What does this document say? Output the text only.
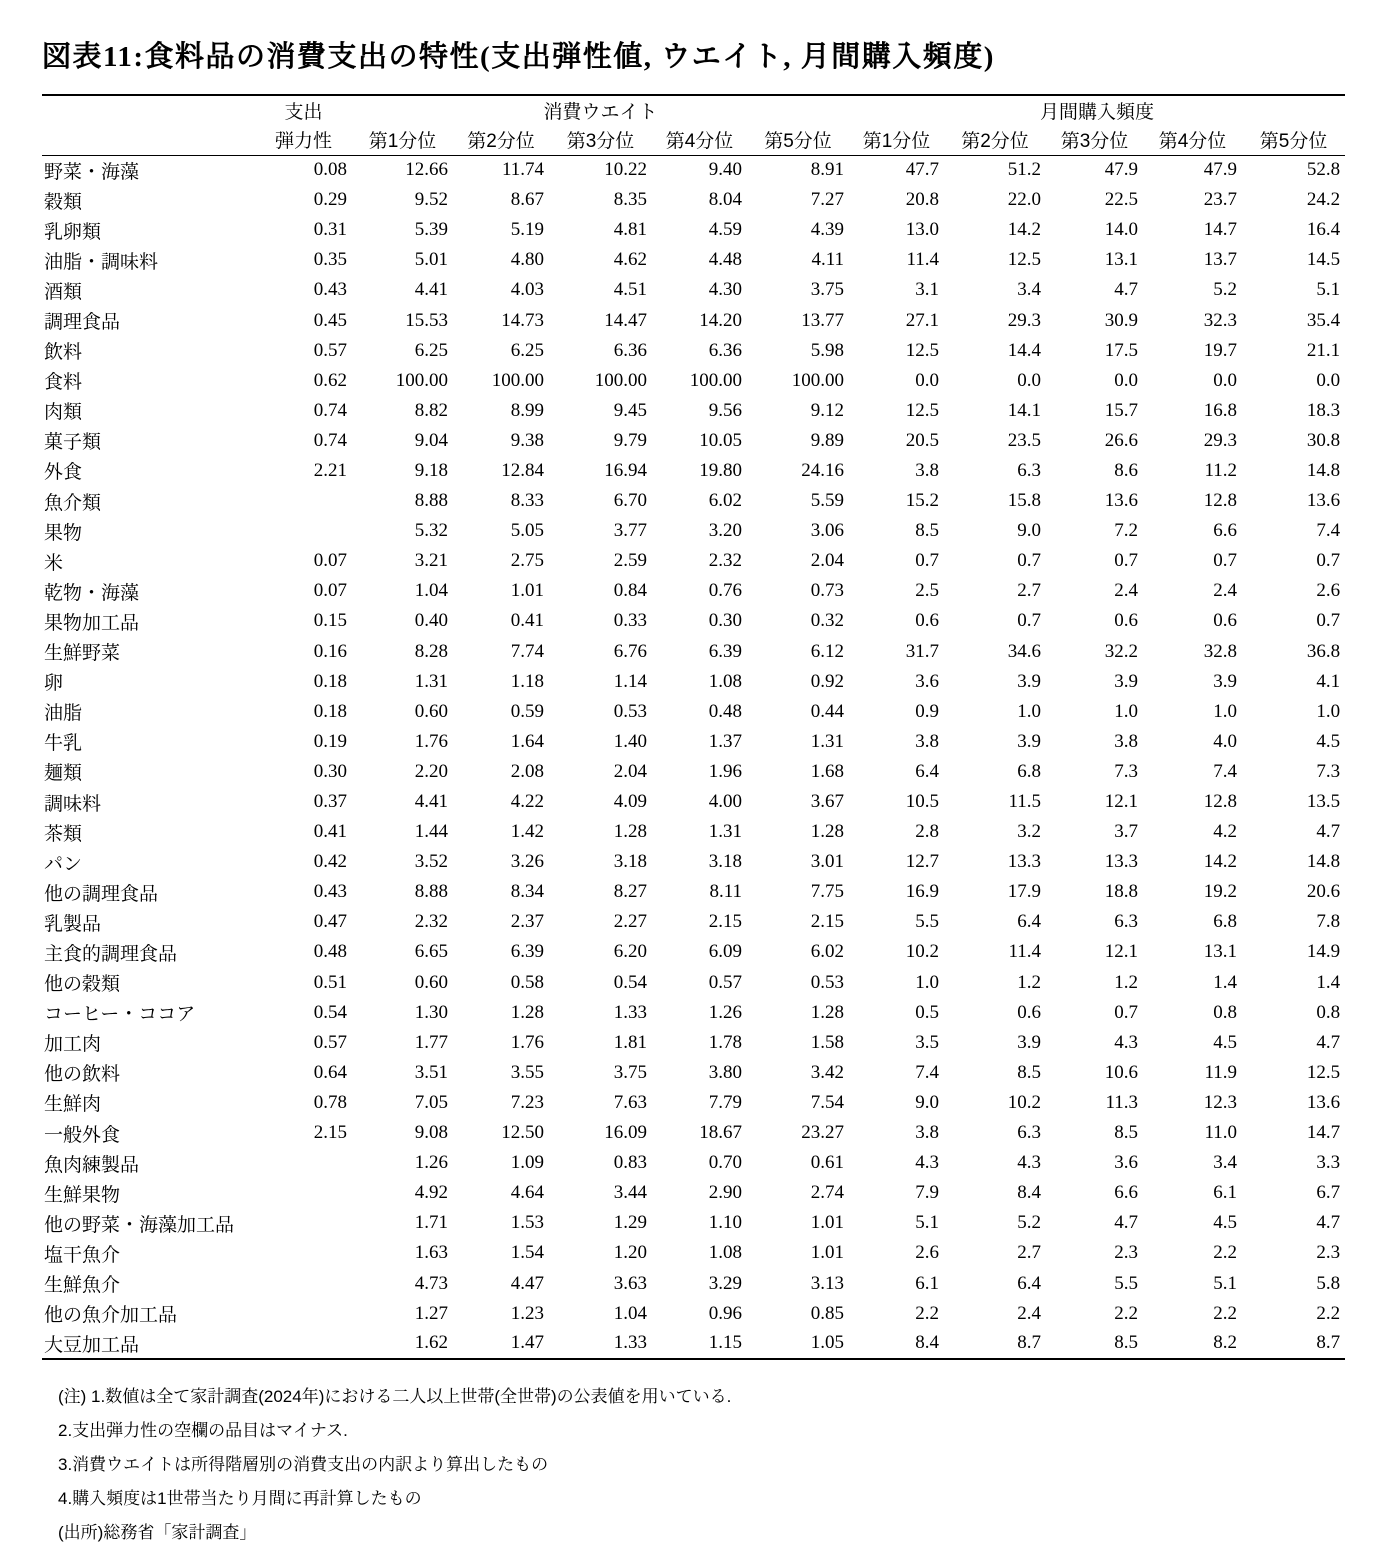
図表11:食料品の消費支出の特性(支出弾性値, ウエイト, 月間購入頻度)
	支出	消費ウエイト					月間購入頻度				
	弾力性	第1分位	第2分位	第3分位	第4分位	第5分位	第1分位	第2分位	第3分位	第4分位	第5分位
野菜・海藻	0.08	12.66	11.74	10.22	9.40	8.91	47.7	51.2	47.9	47.9	52.8
穀類	0.29	9.52	8.67	8.35	8.04	7.27	20.8	22.0	22.5	23.7	24.2
乳卵類	0.31	5.39	5.19	4.81	4.59	4.39	13.0	14.2	14.0	14.7	16.4
油脂・調味料	0.35	5.01	4.80	4.62	4.48	4.11	11.4	12.5	13.1	13.7	14.5
酒類	0.43	4.41	4.03	4.51	4.30	3.75	3.1	3.4	4.7	5.2	5.1
調理食品	0.45	15.53	14.73	14.47	14.20	13.77	27.1	29.3	30.9	32.3	35.4
飲料	0.57	6.25	6.25	6.36	6.36	5.98	12.5	14.4	17.5	19.7	21.1
食料	0.62	100.00	100.00	100.00	100.00	100.00	0.0	0.0	0.0	0.0	0.0
肉類	0.74	8.82	8.99	9.45	9.56	9.12	12.5	14.1	15.7	16.8	18.3
菓子類	0.74	9.04	9.38	9.79	10.05	9.89	20.5	23.5	26.6	29.3	30.8
外食	2.21	9.18	12.84	16.94	19.80	24.16	3.8	6.3	8.6	11.2	14.8
魚介類		8.88	8.33	6.70	6.02	5.59	15.2	15.8	13.6	12.8	13.6
果物		5.32	5.05	3.77	3.20	3.06	8.5	9.0	7.2	6.6	7.4
米	0.07	3.21	2.75	2.59	2.32	2.04	0.7	0.7	0.7	0.7	0.7
乾物・海藻	0.07	1.04	1.01	0.84	0.76	0.73	2.5	2.7	2.4	2.4	2.6
果物加工品	0.15	0.40	0.41	0.33	0.30	0.32	0.6	0.7	0.6	0.6	0.7
生鮮野菜	0.16	8.28	7.74	6.76	6.39	6.12	31.7	34.6	32.2	32.8	36.8
卵	0.18	1.31	1.18	1.14	1.08	0.92	3.6	3.9	3.9	3.9	4.1
油脂	0.18	0.60	0.59	0.53	0.48	0.44	0.9	1.0	1.0	1.0	1.0
牛乳	0.19	1.76	1.64	1.40	1.37	1.31	3.8	3.9	3.8	4.0	4.5
麺類	0.30	2.20	2.08	2.04	1.96	1.68	6.4	6.8	7.3	7.4	7.3
調味料	0.37	4.41	4.22	4.09	4.00	3.67	10.5	11.5	12.1	12.8	13.5
茶類	0.41	1.44	1.42	1.28	1.31	1.28	2.8	3.2	3.7	4.2	4.7
パン	0.42	3.52	3.26	3.18	3.18	3.01	12.7	13.3	13.3	14.2	14.8
他の調理食品	0.43	8.88	8.34	8.27	8.11	7.75	16.9	17.9	18.8	19.2	20.6
乳製品	0.47	2.32	2.37	2.27	2.15	2.15	5.5	6.4	6.3	6.8	7.8
主食的調理食品	0.48	6.65	6.39	6.20	6.09	6.02	10.2	11.4	12.1	13.1	14.9
他の穀類	0.51	0.60	0.58	0.54	0.57	0.53	1.0	1.2	1.2	1.4	1.4
コーヒー・ココア	0.54	1.30	1.28	1.33	1.26	1.28	0.5	0.6	0.7	0.8	0.8
加工肉	0.57	1.77	1.76	1.81	1.78	1.58	3.5	3.9	4.3	4.5	4.7
他の飲料	0.64	3.51	3.55	3.75	3.80	3.42	7.4	8.5	10.6	11.9	12.5
生鮮肉	0.78	7.05	7.23	7.63	7.79	7.54	9.0	10.2	11.3	12.3	13.6
一般外食	2.15	9.08	12.50	16.09	18.67	23.27	3.8	6.3	8.5	11.0	14.7
魚肉練製品		1.26	1.09	0.83	0.70	0.61	4.3	4.3	3.6	3.4	3.3
生鮮果物		4.92	4.64	3.44	2.90	2.74	7.9	8.4	6.6	6.1	6.7
他の野菜・海藻加工品		1.71	1.53	1.29	1.10	1.01	5.1	5.2	4.7	4.5	4.7
塩干魚介		1.63	1.54	1.20	1.08	1.01	2.6	2.7	2.3	2.2	2.3
生鮮魚介		4.73	4.47	3.63	3.29	3.13	6.1	6.4	5.5	5.1	5.8
他の魚介加工品		1.27	1.23	1.04	0.96	0.85	2.2	2.4	2.2	2.2	2.2
大豆加工品		1.62	1.47	1.33	1.15	1.05	8.4	8.7	8.5	8.2	8.7

(注) 1.数値は全て家計調査(2024年)における二人以上世帯(全世帯)の公表値を用いている.

2.支出弾力性の空欄の品目はマイナス.

3.消費ウエイトは所得階層別の消費支出の内訳より算出したもの

4.購入頻度は1世帯当たり月間に再計算したもの

(出所)総務省「家計調査」
